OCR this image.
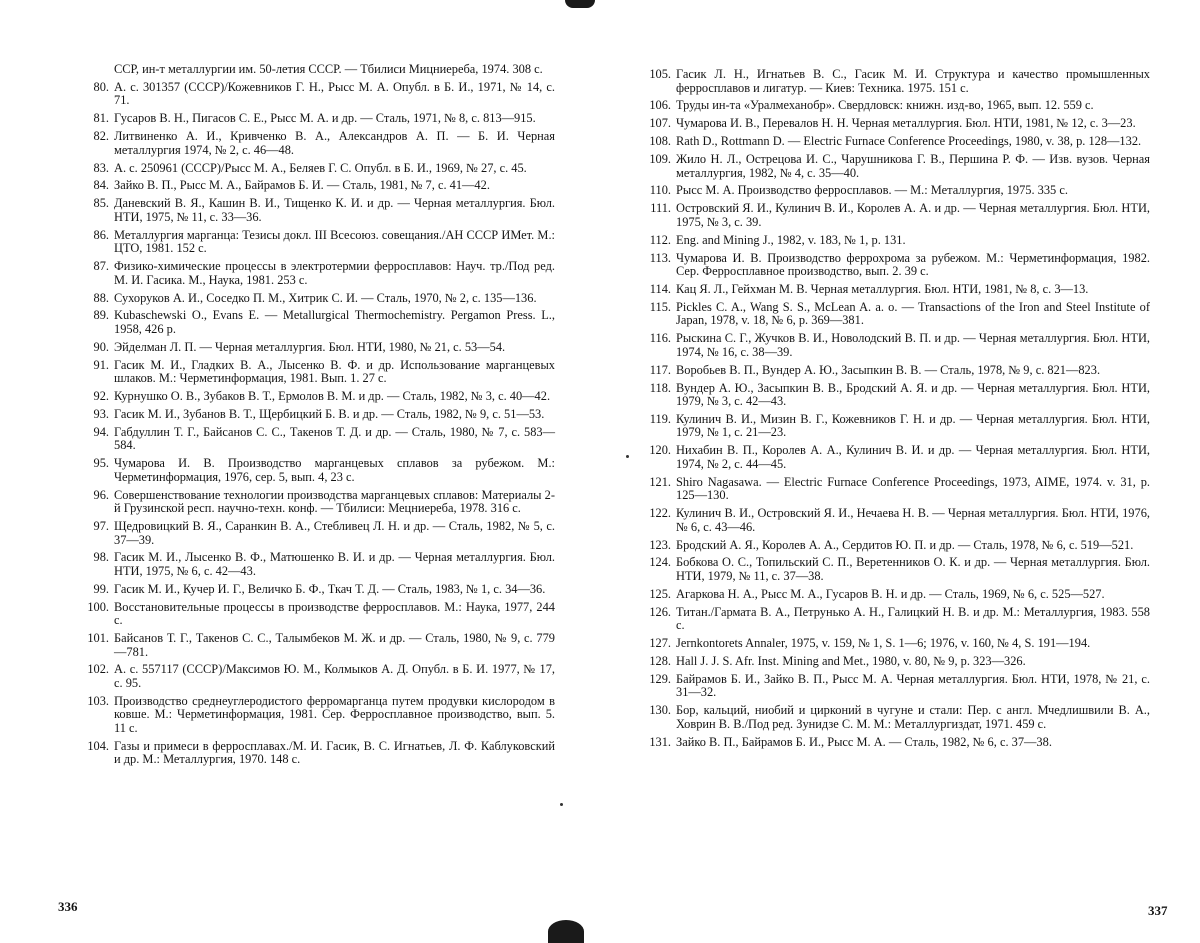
ССР, ин-т металлургии им. 50-летия СССР. — Тбилиси Мицниереба, 1974. 308 с.
80. А. с. 301357 (СССР)/Кожевников Г. Н., Рысс М. А. Опубл. в Б. И., 1971, № 14, с. 71.
81. Гусаров В. Н., Пигасов С. Е., Рысс М. А. и др. — Сталь, 1971, № 8, с. 813—915.
82. Литвиненко А. И., Кривченко В. А., Александров А. П. — Б. И. Черная металлургия 1974, № 2, с. 46—48.
83. А. с. 250961 (СССР)/Рысс М. А., Беляев Г. С. Опубл. в Б. И., 1969, № 27, с. 45.
84. Зайко В. П., Рысс М. А., Байрамов Б. И. — Сталь, 1981, № 7, с. 41—42.
85. Даневский В. Я., Кашин В. И., Тищенко К. И. и др. — Черная металлургия. Бюл. НТИ, 1975, № 11, с. 33—36.
86. Металлургия марганца: Тезисы докл. III Всесоюз. совещания./АН СССР ИМет. М.: ЦТО, 1981. 152 с.
87. Физико-химические процессы в электротермии ферросплавов: Науч. тр./Под ред. М. И. Гасика. М., Наука, 1981. 253 с.
88. Сухоруков А. И., Соседко П. М., Хитрик С. И. — Сталь, 1970, № 2, с. 135—136.
89. Kubaschewski O., Evans E. — Metallurgical Thermochemistry. Pergamon Press. L., 1958, 426 p.
90. Эйделман Л. П. — Черная металлургия. Бюл. НТИ, 1980, № 21, с. 53—54.
91. Гасик М. И., Гладких В. А., Лысенко В. Ф. и др. Использование марганцевых шлаков. М.: Черметинформация, 1981. Вып. 1. 27 с.
92. Курнушко О. В., Зубаков В. Т., Ермолов В. М. и др. — Сталь, 1982, № 3, с. 40—42.
93. Гасик М. И., Зубанов В. Т., Щербицкий Б. В. и др. — Сталь, 1982, № 9, с. 51—53.
94. Габдуллин Т. Г., Байсанов С. С., Такенов Т. Д. и др. — Сталь, 1980, № 7, с. 583—584.
95. Чумарова И. В. Производство марганцевых сплавов за рубежом. М.: Черметинформация, 1976, сер. 5, вып. 4, 23 с.
96. Совершенствование технологии производства марганцевых сплавов: Материалы 2-й Грузинской респ. научно-техн. конф. — Тбилиси: Мецниереба, 1978. 316 с.
97. Щедровицкий В. Я., Саранкин В. А., Стебливец Л. Н. и др. — Сталь, 1982, № 5, с. 37—39.
98. Гасик М. И., Лысенко В. Ф., Матюшенко В. И. и др. — Черная металлургия. Бюл. НТИ, 1975, № 6, с. 42—43.
99. Гасик М. И., Кучер И. Г., Величко Б. Ф., Ткач Т. Д. — Сталь, 1983, № 1, с. 34—36.
100. Восстановительные процессы в производстве ферросплавов. М.: Наука, 1977, 244 с.
101. Байсанов Т. Г., Такенов С. С., Талымбеков М. Ж. и др. — Сталь, 1980, № 9, с. 779—781.
102. А. с. 557117 (СССР)/Максимов Ю. М., Колмыков А. Д. Опубл. в Б. И. 1977, № 17, с. 95.
103. Производство среднеуглеродистого ферромарганца путем продувки кислородом в ковше. М.: Черметинформация, 1981. Сер. Ферросплавное производство, вып. 5. 11 с.
104. Газы и примеси в ферросплавах./М. И. Гасик, В. С. Игнатьев, Л. Ф. Каблуковский и др. М.: Металлургия, 1970. 148 с.
336
105. Гасик Л. Н., Игнатьев В. С., Гасик М. И. Структура и качество промышленных ферросплавов и лигатур. — Киев: Техника. 1975. 151 с.
106. Труды ин-та «Уралмеханобр». Свердловск: книжн. изд-во, 1965, вып. 12. 559 с.
107. Чумарова И. В., Перевалов Н. Н. Черная металлургия. Бюл. НТИ, 1981, № 12, с. 3—23.
108. Rath D., Rottmann D. — Electric Furnace Conference Proceedings, 1980, v. 38, p. 128—132.
109. Жило Н. Л., Острецова И. С., Чарушникова Г. В., Першина Р. Ф. — Изв. вузов. Черная металлургия, 1982, № 4, с. 35—40.
110. Рысс М. А. Производство ферросплавов. — М.: Металлургия, 1975. 335 с.
111. Островский Я. И., Кулинич В. И., Королев А. А. и др. — Черная металлургия. Бюл. НТИ, 1975, № 3, с. 39.
112. Eng. and Mining J., 1982, v. 183, № 1, p. 131.
113. Чумарова И. В. Производство феррохрома за рубежом. М.: Черметинформация, 1982. Сер. Ферросплавное производство, вып. 2. 39 с.
114. Кац Я. Л., Гейхман М. В. Черная металлургия. Бюл. НТИ, 1981, № 8, с. 3—13.
115. Pickles C. A., Wang S. S., McLean A. a. o. — Transactions of the Iron and Steel Institute of Japan, 1978, v. 18, № 6, p. 369—381.
116. Рыскина С. Г., Жучков В. И., Новолодский В. П. и др. — Черная металлургия. Бюл. НТИ, 1974, № 16, с. 38—39.
117. Воробьев В. П., Вундер А. Ю., Засыпкин В. В. — Сталь, 1978, № 9, с. 821—823.
118. Вундер А. Ю., Засыпкин В. В., Бродский А. Я. и др. — Черная металлургия. Бюл. НТИ, 1979, № 3, с. 42—43.
119. Кулинич В. И., Мизин В. Г., Кожевников Г. Н. и др. — Черная металлургия. Бюл. НТИ, 1979, № 1, с. 21—23.
120. Нихабин В. П., Королев А. А., Кулинич В. И. и др. — Черная металлургия. Бюл. НТИ, 1974, № 2, с. 44—45.
121. Shiro Nagasawa. — Electric Furnace Conference Proceedings, 1973, AIME, 1974. v. 31, p. 125—130.
122. Кулинич В. И., Островский Я. И., Нечаева Н. В. — Черная металлургия. Бюл. НТИ, 1976, № 6, с. 43—46.
123. Бродский А. Я., Королев А. А., Сердитов Ю. П. и др. — Сталь, 1978, № 6, с. 519—521.
124. Бобкова О. С., Топильский С. П., Веретенников О. К. и др. — Черная металлургия. Бюл. НТИ, 1979, № 11, с. 37—38.
125. Агаркова Н. А., Рысс М. А., Гусаров В. Н. и др. — Сталь, 1969, № 6, с. 525—527.
126. Титан./Гармата В. А., Петрунько А. Н., Галицкий Н. В. и др. М.: Металлургия, 1983. 558 с.
127. Jernkontorets Annaler, 1975, v. 159, № 1, S. 1—6; 1976, v. 160, № 4, S. 191—194.
128. Hall J. J. S. Afr. Inst. Mining and Met., 1980, v. 80, № 9, p. 323—326.
129. Байрамов Б. И., Зайко В. П., Рысс М. А. Черная металлургия. Бюл. НТИ, 1978, № 21, с. 31—32.
130. Бор, кальций, ниобий и цирконий в чугуне и стали: Пер. с англ. Мчедлишвили В. А., Ховрин В. В./Под ред. Зунидзе С. М. М.: Металлургиздат, 1971. 459 с.
131. Зайко В. П., Байрамов Б. И., Рысс М. А. — Сталь, 1982, № 6, с. 37—38.
337
